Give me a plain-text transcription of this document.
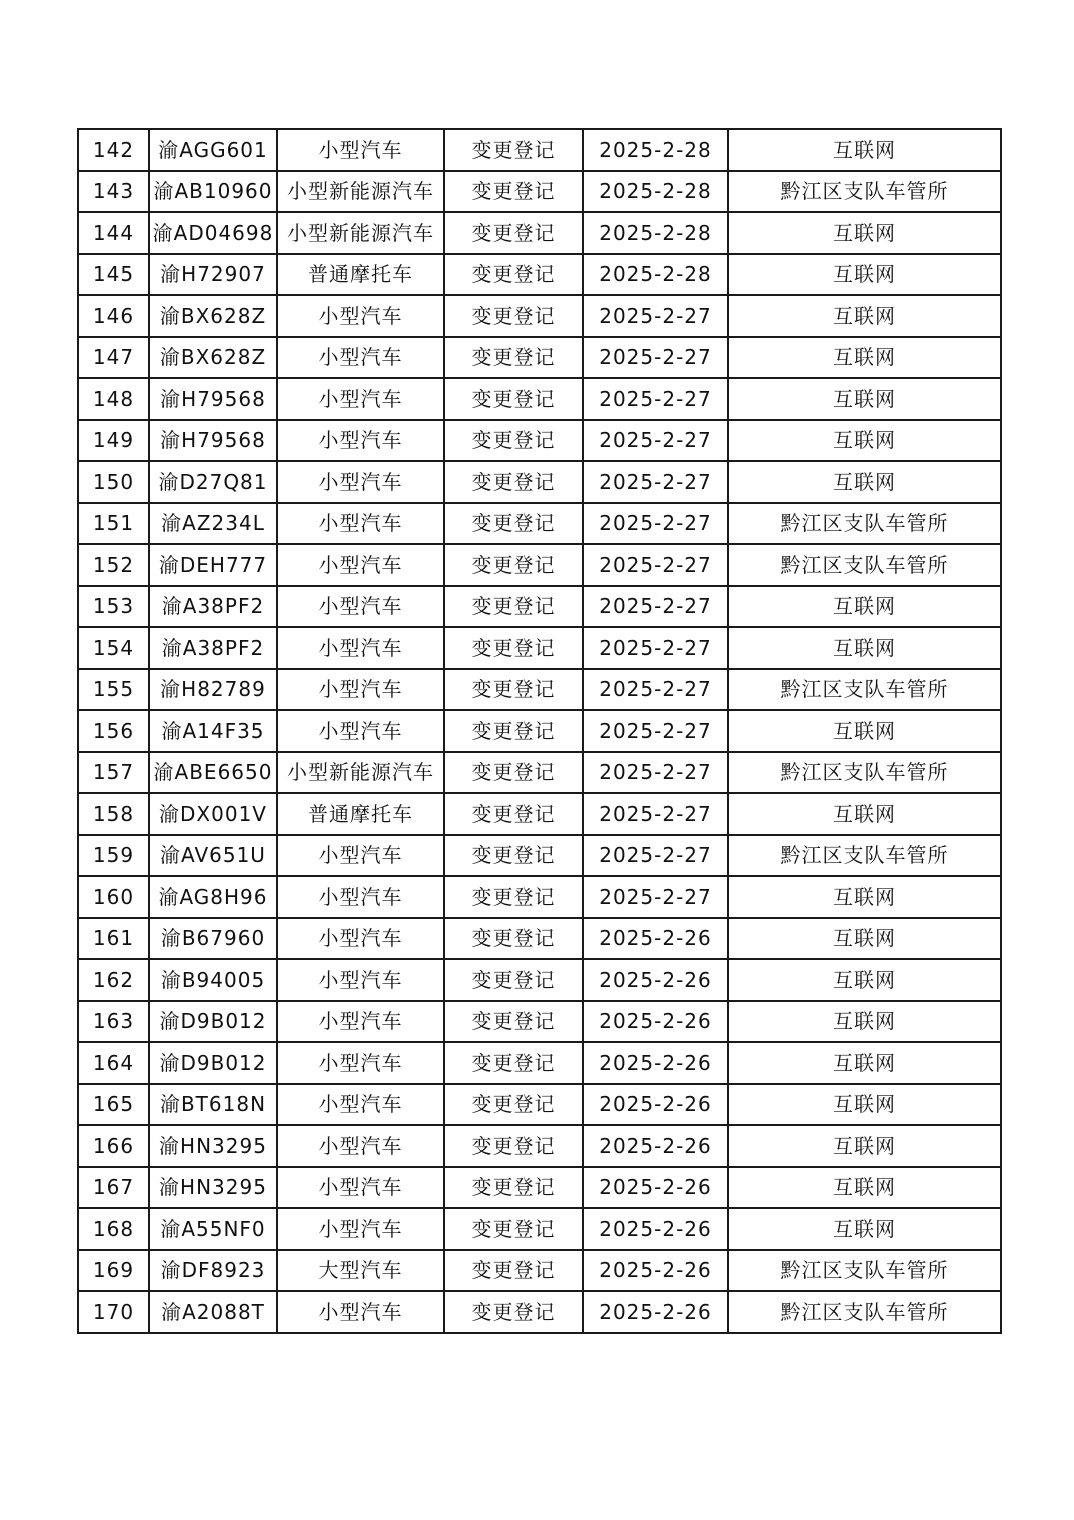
142	渝AGG601	小型汽车	变更登记	2025-2-28	互联网
143	渝AB10960	小型新能源汽车	变更登记	2025-2-28	黔江区支队车管所
144	渝AD04698	小型新能源汽车	变更登记	2025-2-28	互联网
145	渝H72907	普通摩托车	变更登记	2025-2-28	互联网
146	渝BX628Z	小型汽车	变更登记	2025-2-27	互联网
147	渝BX628Z	小型汽车	变更登记	2025-2-27	互联网
148	渝H79568	小型汽车	变更登记	2025-2-27	互联网
149	渝H79568	小型汽车	变更登记	2025-2-27	互联网
150	渝D27Q81	小型汽车	变更登记	2025-2-27	互联网
151	渝AZ234L	小型汽车	变更登记	2025-2-27	黔江区支队车管所
152	渝DEH777	小型汽车	变更登记	2025-2-27	黔江区支队车管所
153	渝A38PF2	小型汽车	变更登记	2025-2-27	互联网
154	渝A38PF2	小型汽车	变更登记	2025-2-27	互联网
155	渝H82789	小型汽车	变更登记	2025-2-27	黔江区支队车管所
156	渝A14F35	小型汽车	变更登记	2025-2-27	互联网
157	渝ABE6650	小型新能源汽车	变更登记	2025-2-27	黔江区支队车管所
158	渝DX001V	普通摩托车	变更登记	2025-2-27	互联网
159	渝AV651U	小型汽车	变更登记	2025-2-27	黔江区支队车管所
160	渝AG8H96	小型汽车	变更登记	2025-2-27	互联网
161	渝B67960	小型汽车	变更登记	2025-2-26	互联网
162	渝B94005	小型汽车	变更登记	2025-2-26	互联网
163	渝D9B012	小型汽车	变更登记	2025-2-26	互联网
164	渝D9B012	小型汽车	变更登记	2025-2-26	互联网
165	渝BT618N	小型汽车	变更登记	2025-2-26	互联网
166	渝HN3295	小型汽车	变更登记	2025-2-26	互联网
167	渝HN3295	小型汽车	变更登记	2025-2-26	互联网
168	渝A55NF0	小型汽车	变更登记	2025-2-26	互联网
169	渝DF8923	大型汽车	变更登记	2025-2-26	黔江区支队车管所
170	渝A2088T	小型汽车	变更登记	2025-2-26	黔江区支队车管所
